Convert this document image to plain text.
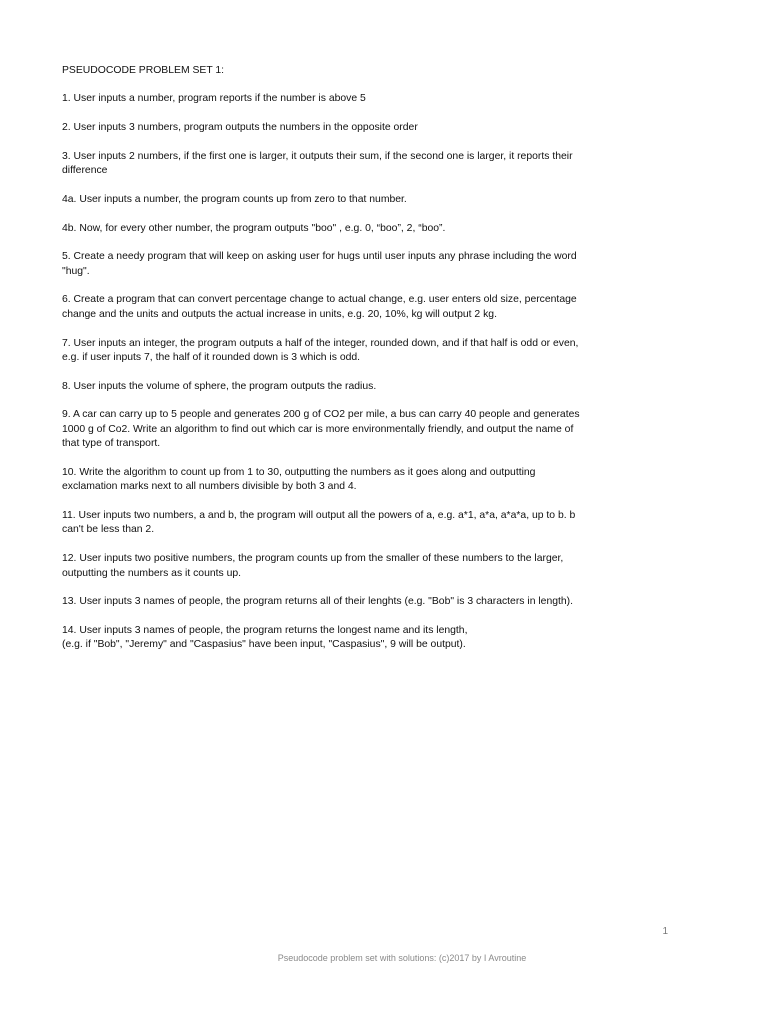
PSEUDOCODE PROBLEM SET 1:
1. User inputs a number, program reports if the number is above 5
2. User inputs 3 numbers, program outputs the numbers in the opposite order
3. User inputs 2 numbers, if the first one is larger, it outputs their sum, if the second one is larger, it reports their
difference
4a. User inputs a number, the program counts up from zero to that number.
4b. Now, for every other number, the program outputs "boo" , e.g. 0, “boo”, 2, “boo”.
5. Create a needy program that will keep on asking user for hugs until user inputs any phrase including the word
"hug".
6. Create a program that can convert percentage change to actual change, e.g. user enters old size, percentage
change and the units and outputs the actual increase in units, e.g. 20, 10%, kg will output 2 kg.
7. User inputs an integer, the program outputs a half of the integer, rounded down, and if that half is odd or even,
e.g. if user inputs 7, the half of it rounded down is 3 which is odd.
8. User inputs the volume of sphere, the program outputs the radius.
9. A car can carry up to 5 people and generates 200 g of CO2 per mile, a bus can carry 40 people and generates
1000 g of Co2. Write an algorithm to find out which car is more environmentally friendly, and output the name of
that type of transport.
10. Write the algorithm to count up from 1 to 30, outputting the numbers as it goes along and outputting
exclamation marks next to all numbers divisible by both 3 and 4.
11. User inputs two numbers, a and b, the program will output all the powers of a, e.g. a*1, a*a, a*a*a, up to b. b
can't be less than 2.
12. User inputs two positive numbers, the program counts up from the smaller of these numbers to the larger,
outputting the numbers as it counts up.
13. User inputs 3 names of people, the program returns all of their lenghts (e.g. "Bob" is 3 characters in length).
14. User inputs 3 names of people, the program returns the longest name and its length,
(e.g. if "Bob", "Jeremy" and "Caspasius" have been input, "Caspasius", 9 will be output).
1
Pseudocode problem set with solutions: (c)2017 by I Avroutine
